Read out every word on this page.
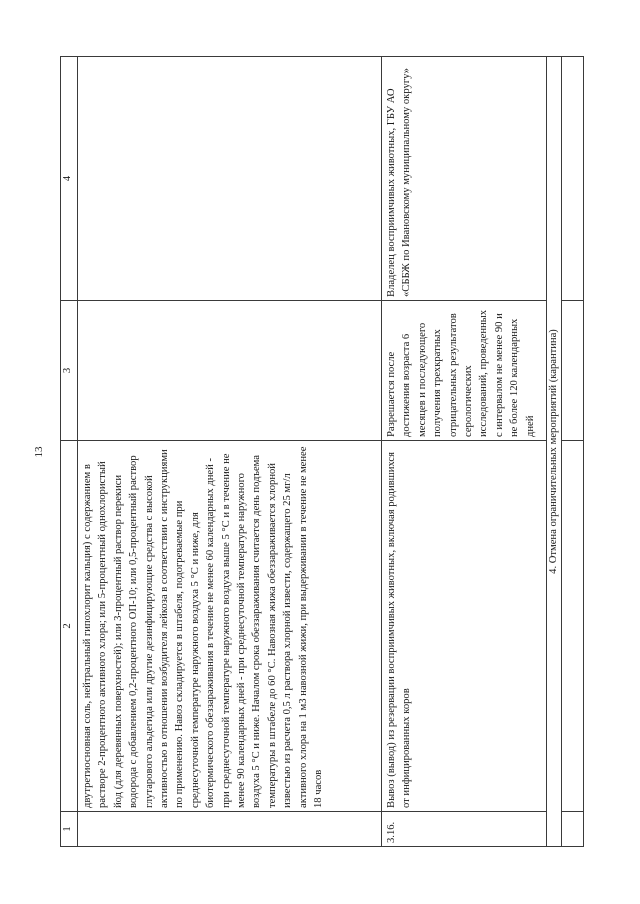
13
1	2	3	4
	двутретиосновная соль, нейтральный гипохлорит кальция) с содержанием в растворе 2-процентного активного хлора; или 5-процентный однохлористый йод (для деревянных поверхностей); или 3-процентный раствор перекиси водорода с добавлением 0,2-процентного ОП-10; или 0,5-процентный раствор глутарового альдегида или другие дезинфицирующие средства с высокой активностью в отношении возбудителя лейкоза в соответствии с инструкциями по применению. Навоз складируется в штабеля, подогреваемые при среднесуточной температуре наружного воздуха 5 °С и ниже, для биотермического обеззараживания в течение не менее 60 календарных дней - при среднесуточной температуре наружного воздуха выше 5 °С и в течение не менее 90 календарных дней - при среднесуточной температуре наружного воздуха 5 °С и ниже. Началом срока обеззараживания считается день подъема температуры в штабеле до 60 °С. Навозная жижа обеззараживается хлорной известью из расчета 0,5 л раствора хлорной извести, содержащего 25 мг/л активного хлора на 1 м3 навозной жижи, при выдерживании в течение не менее 18 часов		
3.16.	Вывоз (вывод) из резервации восприимчивых животных, включая родившихся от инфицированных коров	Разрешается после достижения возраста 6 месяцев и последующего получения трехкратных отрицательных результатов серологических исследований, проведенных с интервалом не менее 90 и не более 120 календарных дней	Владелец восприимчивых животных, ГБУ АО «СББЖ по Ивановскому муниципальному округу»
4. Отмена ограничительных мероприятий (карантина)			
